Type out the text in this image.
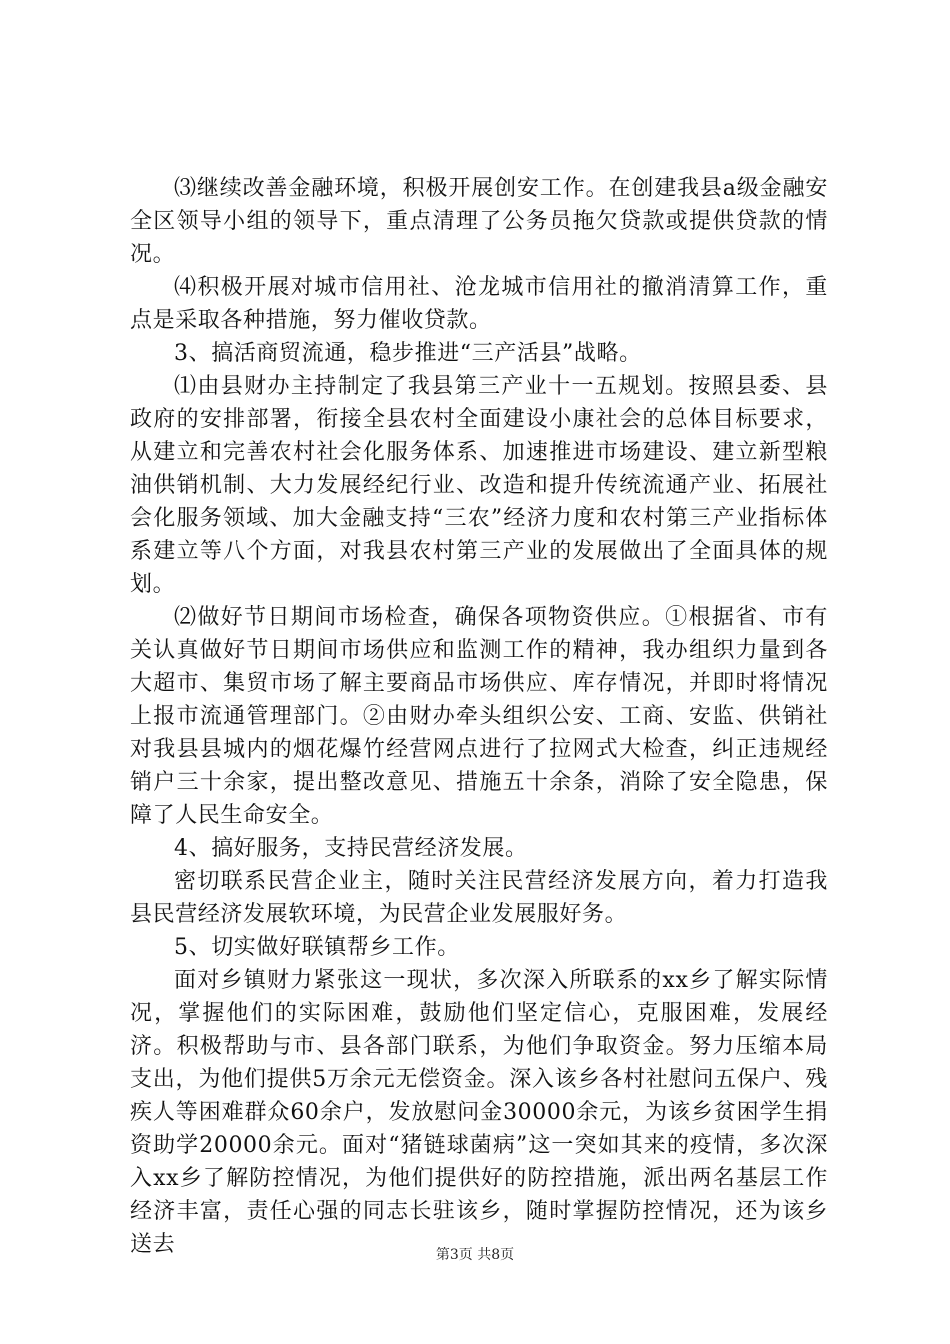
⑶继续改善金融环境，积极开展创安工作。在创建我县a级金融安全区领导小组的领导下，重点清理了公务员拖欠贷款或提供贷款的情况。

⑷积极开展对城市信用社、沧龙城市信用社的撤消清算工作，重点是采取各种措施，努力催收贷款。

3、搞活商贸流通，稳步推进“三产活县”战略。

⑴由县财办主持制定了我县第三产业十一五规划。按照县委、县政府的安排部署，衔接全县农村全面建设小康社会的总体目标要求，从建立和完善农村社会化服务体系、加速推进市场建设、建立新型粮油供销机制、大力发展经纪行业、改造和提升传统流通产业、拓展社会化服务领域、加大金融支持“三农”经济力度和农村第三产业指标体系建立等八个方面，对我县农村第三产业的发展做出了全面具体的规划。

⑵做好节日期间市场检查，确保各项物资供应。①根据省、市有关认真做好节日期间市场供应和监测工作的精神，我办组织力量到各大超市、集贸市场了解主要商品市场供应、库存情况，并即时将情况上报市流通管理部门。②由财办牵头组织公安、工商、安监、供销社对我县县城内的烟花爆竹经营网点进行了拉网式大检查，纠正违规经销户三十余家，提出整改意见、措施五十余条，消除了安全隐患，保障了人民生命安全。

4、搞好服务，支持民营经济发展。

密切联系民营企业主，随时关注民营经济发展方向，着力打造我县民营经济发展软环境，为民营企业发展服好务。

5、切实做好联镇帮乡工作。

面对乡镇财力紧张这一现状，多次深入所联系的xx乡了解实际情况，掌握他们的实际困难，鼓励他们坚定信心，克服困难，发展经济。积极帮助与市、县各部门联系，为他们争取资金。努力压缩本局支出，为他们提供5万余元无偿资金。深入该乡各村社慰问五保户、残疾人等困难群众60余户，发放慰问金30000余元，为该乡贫困学生捐资助学20000余元。面对“猪链球菌病”这一突如其来的疫情，多次深入xx乡了解防控情况，为他们提供好的防控措施，派出两名基层工作经济丰富，责任心强的同志长驻该乡，随时掌握防控情况，还为该乡送去	第3页 共8页
